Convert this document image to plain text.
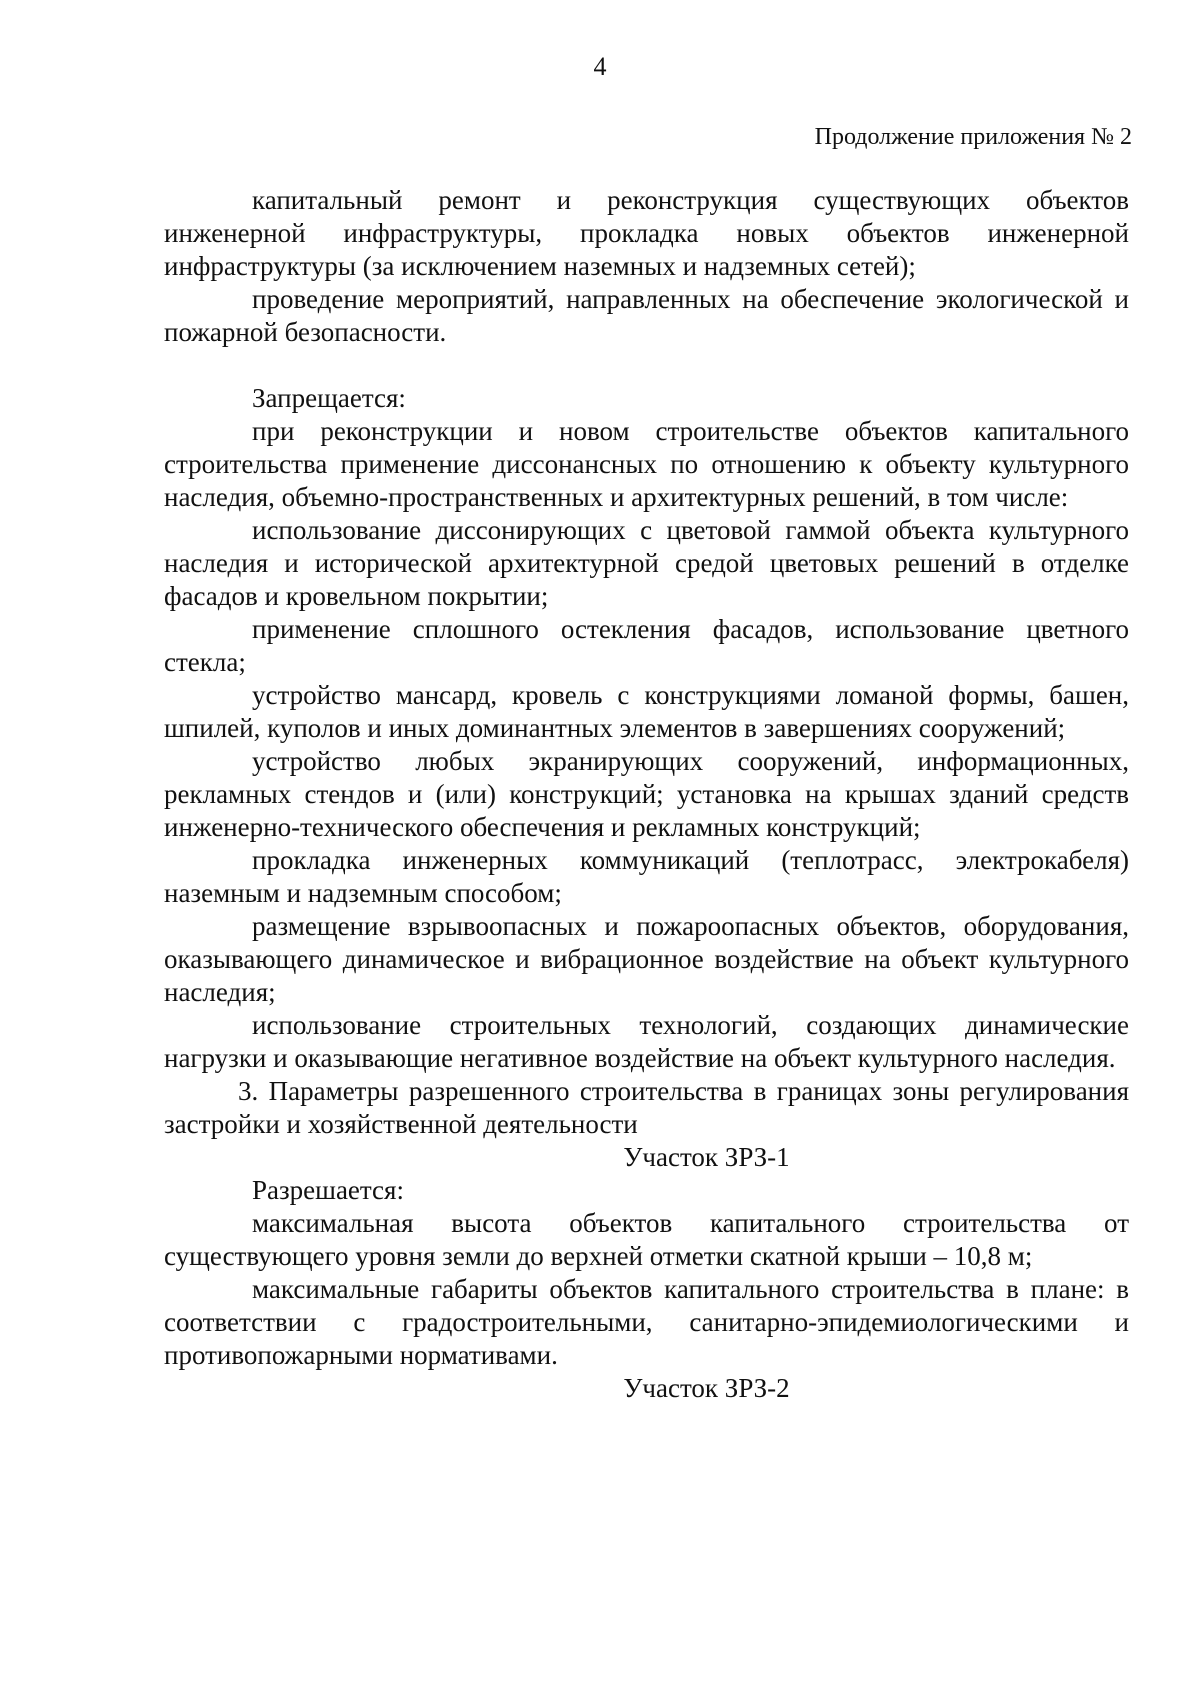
4
Продолжение приложения № 2

капитальный ремонт и реконструкция существующих объектов инженерной инфраструктуры, прокладка новых объектов инженерной инфраструктуры (за исключением наземных и надземных сетей);

проведение мероприятий, направленных на обеспечение экологической и пожарной безопасности.

Запрещается:

при реконструкции и новом строительстве объектов капитального строительства применение диссонансных по отношению к объекту культурного наследия, объемно-пространственных и архитектурных решений, в том числе:

использование диссонирующих с цветовой гаммой объекта культурного наследия и исторической архитектурной средой цветовых решений в отделке фасадов и кровельном покрытии;

применение сплошного остекления фасадов, использование цветного стекла;

устройство мансард, кровель с конструкциями ломаной формы, башен, шпилей, куполов и иных доминантных элементов в завершениях сооружений;

устройство любых экранирующих сооружений, информационных, рекламных стендов и (или) конструкций; установка на крышах зданий средств инженерно-технического обеспечения и рекламных конструкций;

прокладка инженерных коммуникаций (теплотрасс, электрокабеля) наземным и надземным способом;

размещение взрывоопасных и пожароопасных объектов, оборудования, оказывающего динамическое и вибрационное воздействие на объект культурного наследия;

использование строительных технологий, создающих динамические нагрузки и оказывающие негативное воздействие на объект культурного наследия.

3. Параметры разрешенного строительства в границах зоны регулирования застройки и хозяйственной деятельности

Участок ЗРЗ-1

Разрешается:

максимальная высота объектов капитального строительства от существующего уровня земли до верхней отметки скатной крыши – 10,8 м;

максимальные габариты объектов капитального строительства в плане: в соответствии с градостроительными, санитарно-эпидемиологическими и противопожарными нормативами.

Участок ЗРЗ-2
